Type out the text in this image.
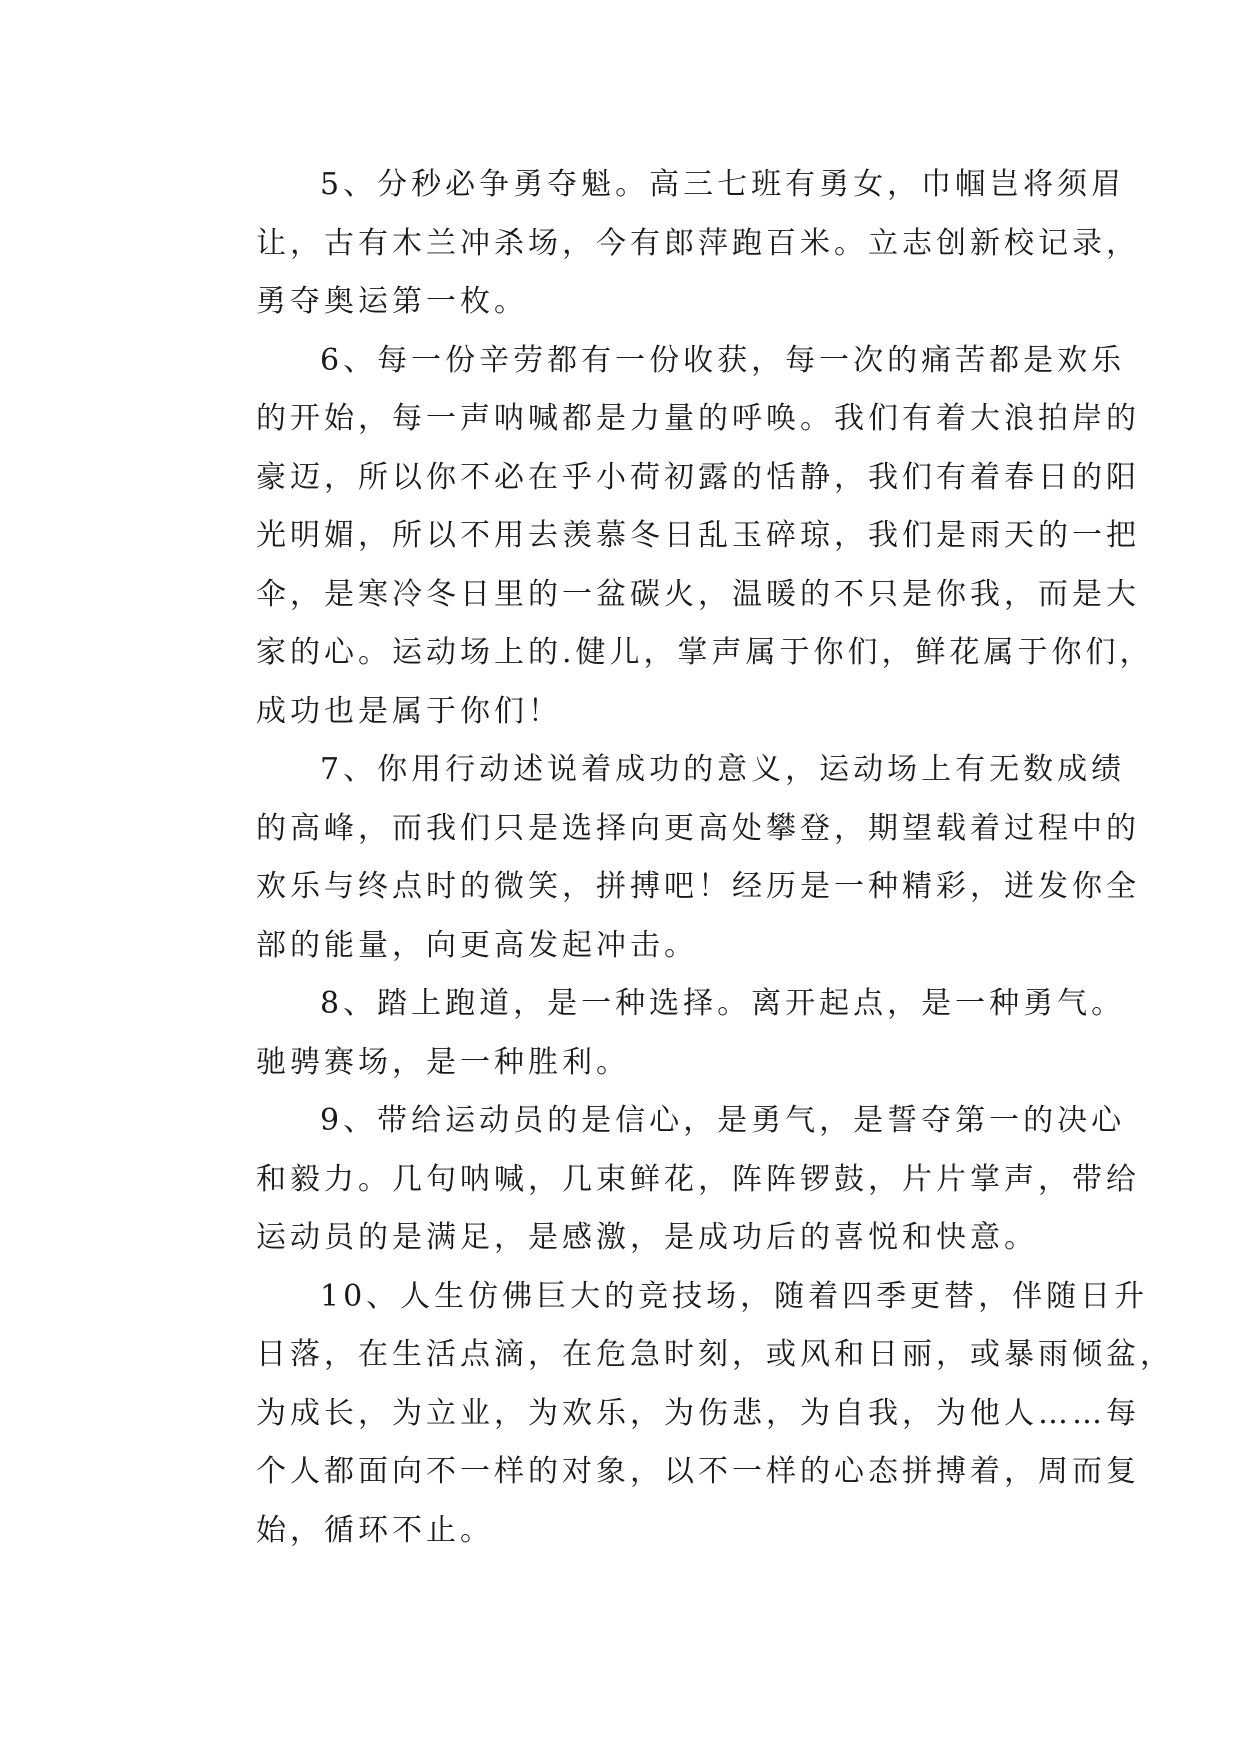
5、分秒必争勇夺魁。高三七班有勇女，巾帼岂将须眉
让，古有木兰冲杀场，今有郎萍跑百米。立志创新校记录，
勇夺奥运第一枚。

6、每一份辛劳都有一份收获，每一次的痛苦都是欢乐
的开始，每一声呐喊都是力量的呼唤。我们有着大浪拍岸的
豪迈，所以你不必在乎小荷初露的恬静，我们有着春日的阳
光明媚，所以不用去羡慕冬日乱玉碎琼，我们是雨天的一把
伞，是寒冷冬日里的一盆碳火，温暖的不只是你我，而是大
家的心。运动场上的.健儿，掌声属于你们，鲜花属于你们，
成功也是属于你们！

7、你用行动述说着成功的意义，运动场上有无数成绩
的高峰，而我们只是选择向更高处攀登，期望载着过程中的
欢乐与终点时的微笑，拼搏吧！经历是一种精彩，迸发你全
部的能量，向更高发起冲击。

8、踏上跑道，是一种选择。离开起点，是一种勇气。
驰骋赛场，是一种胜利。

9、带给运动员的是信心，是勇气，是誓夺第一的决心
和毅力。几句呐喊，几束鲜花，阵阵锣鼓，片片掌声，带给
运动员的是满足，是感激，是成功后的喜悦和快意。

10、人生仿佛巨大的竞技场，随着四季更替，伴随日升
日落，在生活点滴，在危急时刻，或风和日丽，或暴雨倾盆，
为成长，为立业，为欢乐，为伤悲，为自我，为他人……每
个人都面向不一样的对象，以不一样的心态拼搏着，周而复
始，循环不止。
